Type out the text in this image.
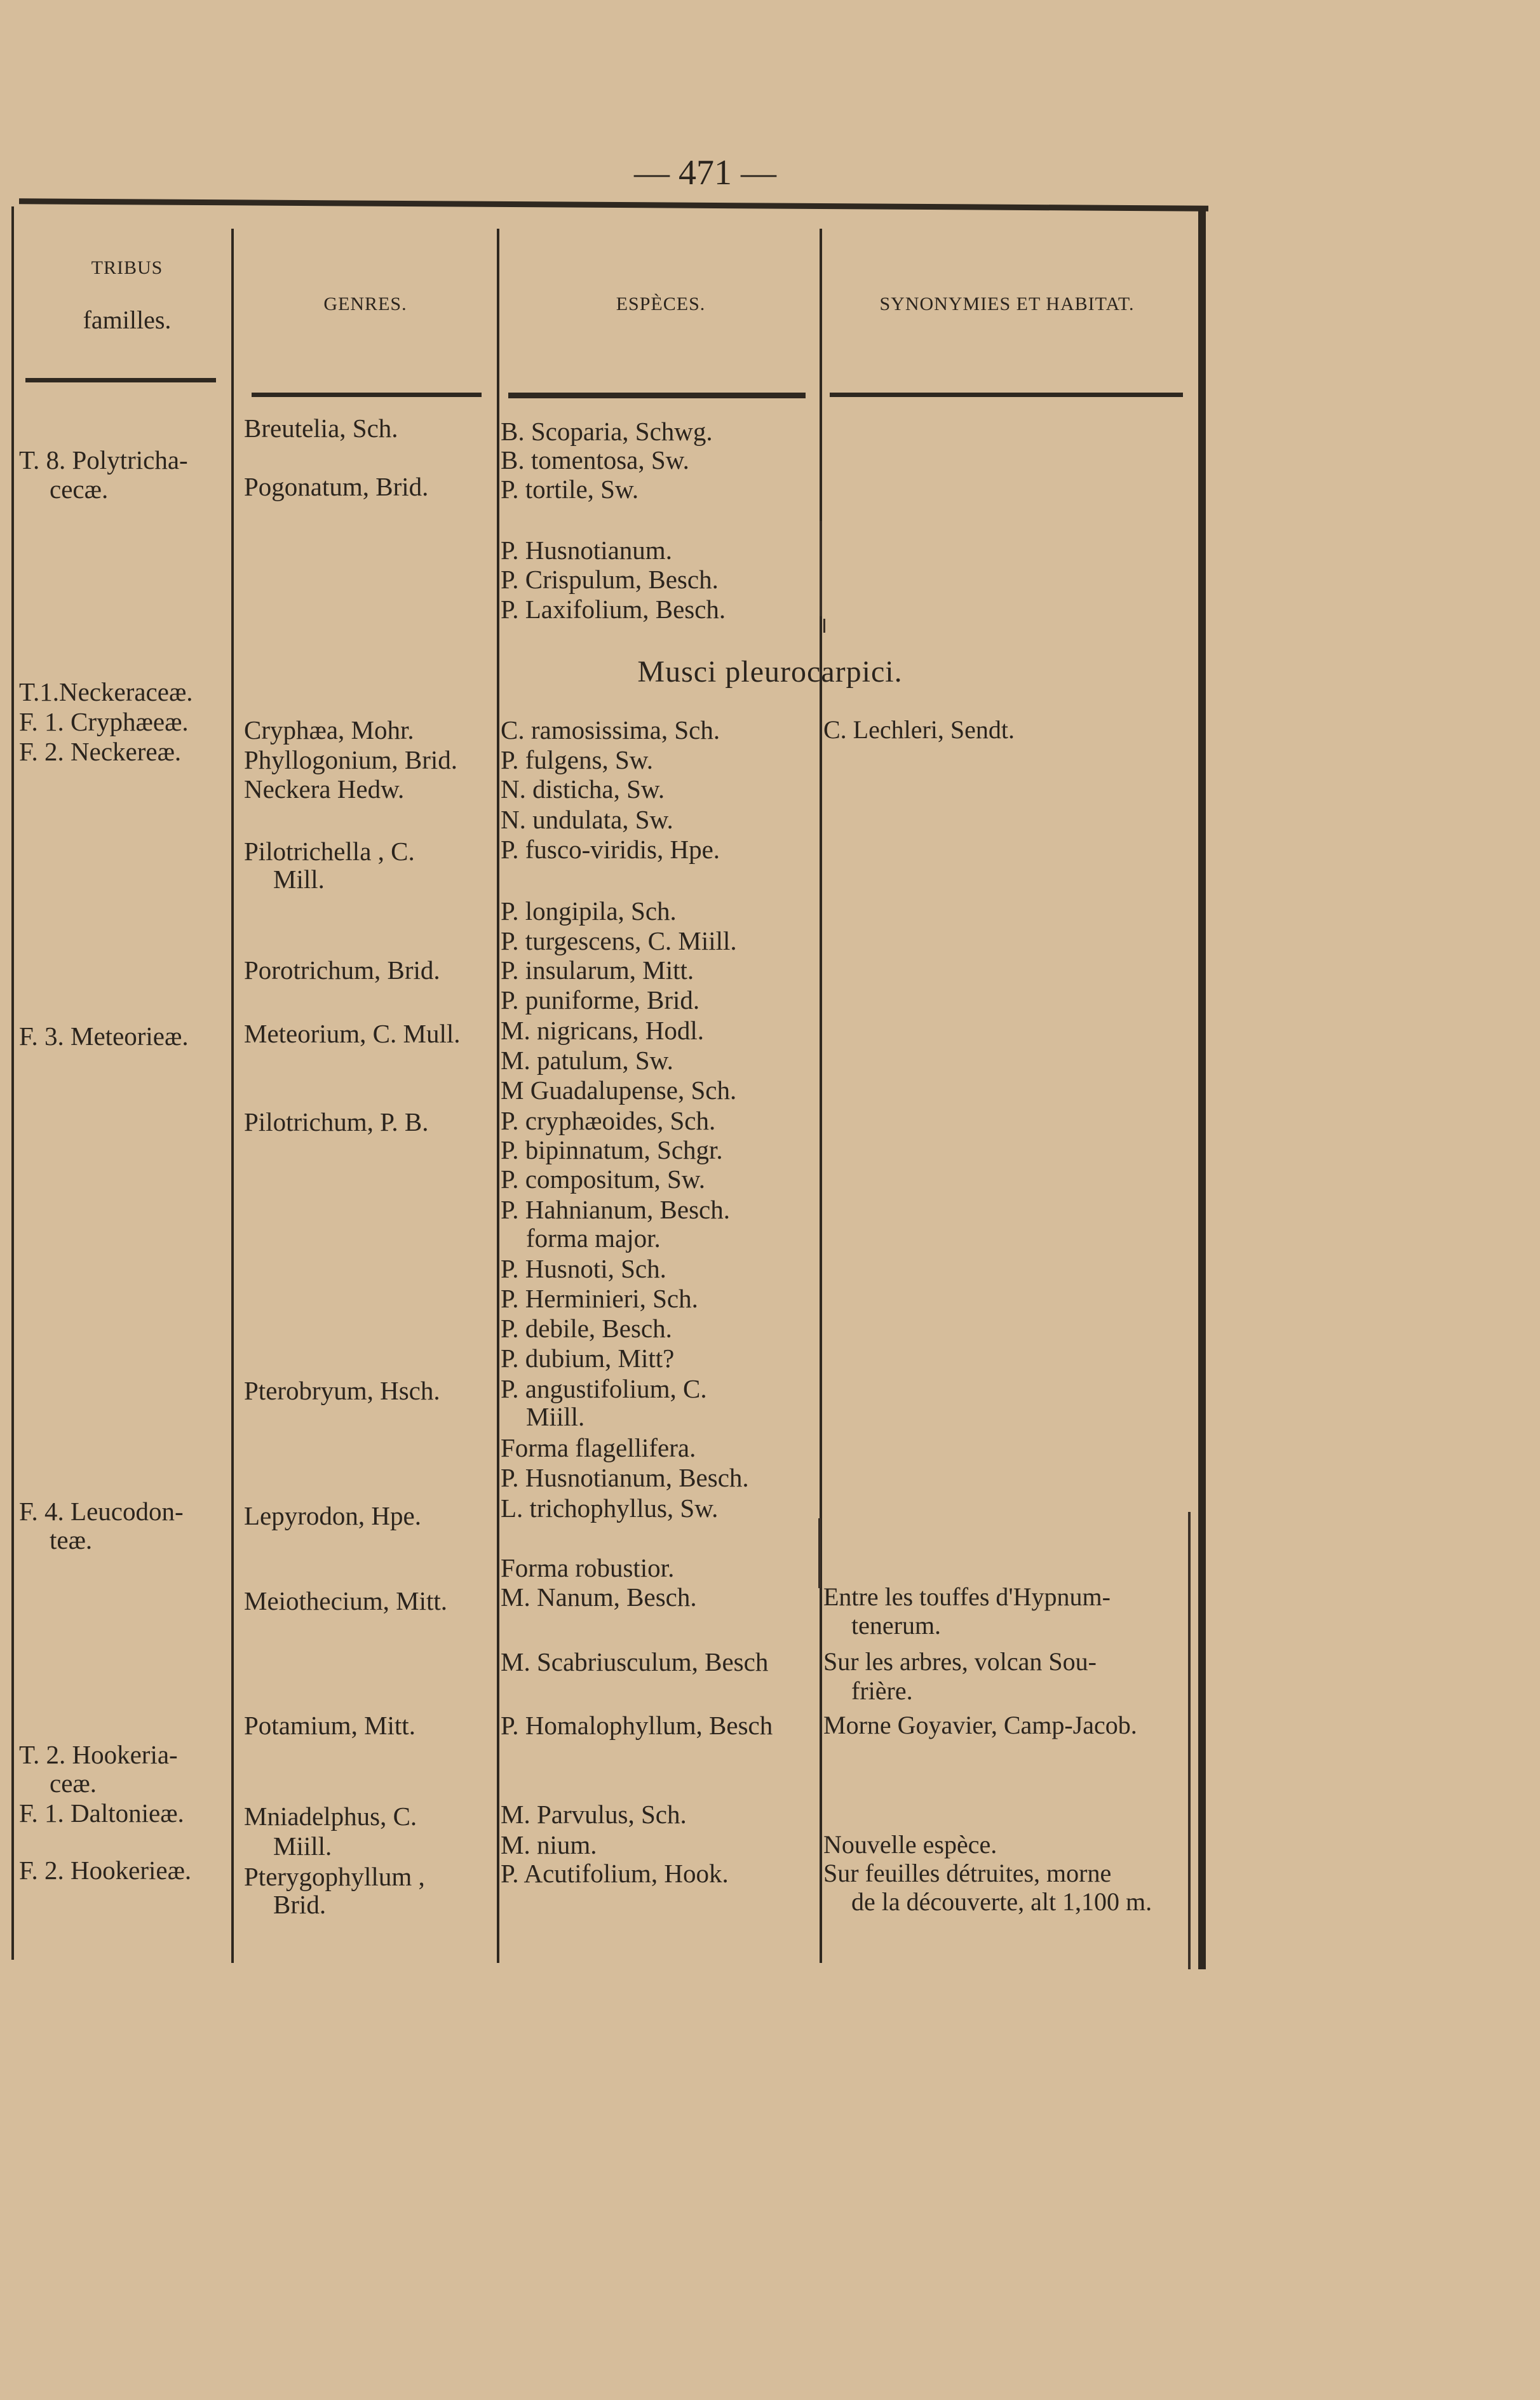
— 471 —
TRIBUS
familles.
GENRES.	ESPÈCES.	SYNONYMIES ET HABITAT.
Musci pleurocarpici.
T. 8. Polytricha-
cecæ.
T.1.Neckeraceæ.
F. 1. Cryphæeæ.
F. 2. Neckereæ.
F. 3. Meteorieæ.
F. 4. Leucodon-
teæ.
T. 2. Hookeria-
ceæ.
F. 1. Daltonieæ.
F. 2. Hookerieæ.
Breutelia, Sch.
Pogonatum, Brid.
Cryphæa, Mohr.
Phyllogonium, Brid.
Neckera Hedw.
Pilotrichella , C.
Mill.
Porotrichum, Brid.
Meteorium, C. Mull.
Pilotrichum, P. B.
Pterobryum, Hsch.
Lepyrodon, Hpe.
Meiothecium, Mitt.
Potamium, Mitt.
Mniadelphus, C.
Miill.
Pterygophyllum ,
Brid.
B. Scoparia, Schwg.
B. tomentosa, Sw.
P. tortile, Sw.
P. Husnotianum.
P. Crispulum, Besch.
P. Laxifolium, Besch.
C. ramosissima, Sch.
P. fulgens, Sw.
N. disticha, Sw.
N. undulata, Sw.
P. fusco-viridis, Hpe.
P. longipila, Sch.
P. turgescens, C. Miill.
P. insularum, Mitt.
P. puniforme, Brid.
M. nigricans, Hodl.
M. patulum, Sw.
M Guadalupense, Sch.
P. cryphæoides, Sch.
P. bipinnatum, Schgr.
P. compositum, Sw.
P. Hahnianum, Besch.
forma major.
P. Husnoti, Sch.
P. Herminieri, Sch.
P. debile, Besch.
P. dubium, Mitt?
P. angustifolium, C.
Miill.
Forma flagellifera.
P. Husnotianum, Besch.
L. trichophyllus, Sw.
Forma robustior.
M. Nanum, Besch.
M. Scabriusculum, Besch
P. Homalophyllum, Besch
M. Parvulus, Sch.
M. nium.
P. Acutifolium, Hook.
C. Lechleri, Sendt.
Entre les touffes d'Hypnum-
tenerum.
Sur les arbres, volcan Sou-
frière.
Morne Goyavier, Camp-Jacob.
Nouvelle espèce.
Sur feuilles détruites, morne
de la découverte, alt 1,100 m.
